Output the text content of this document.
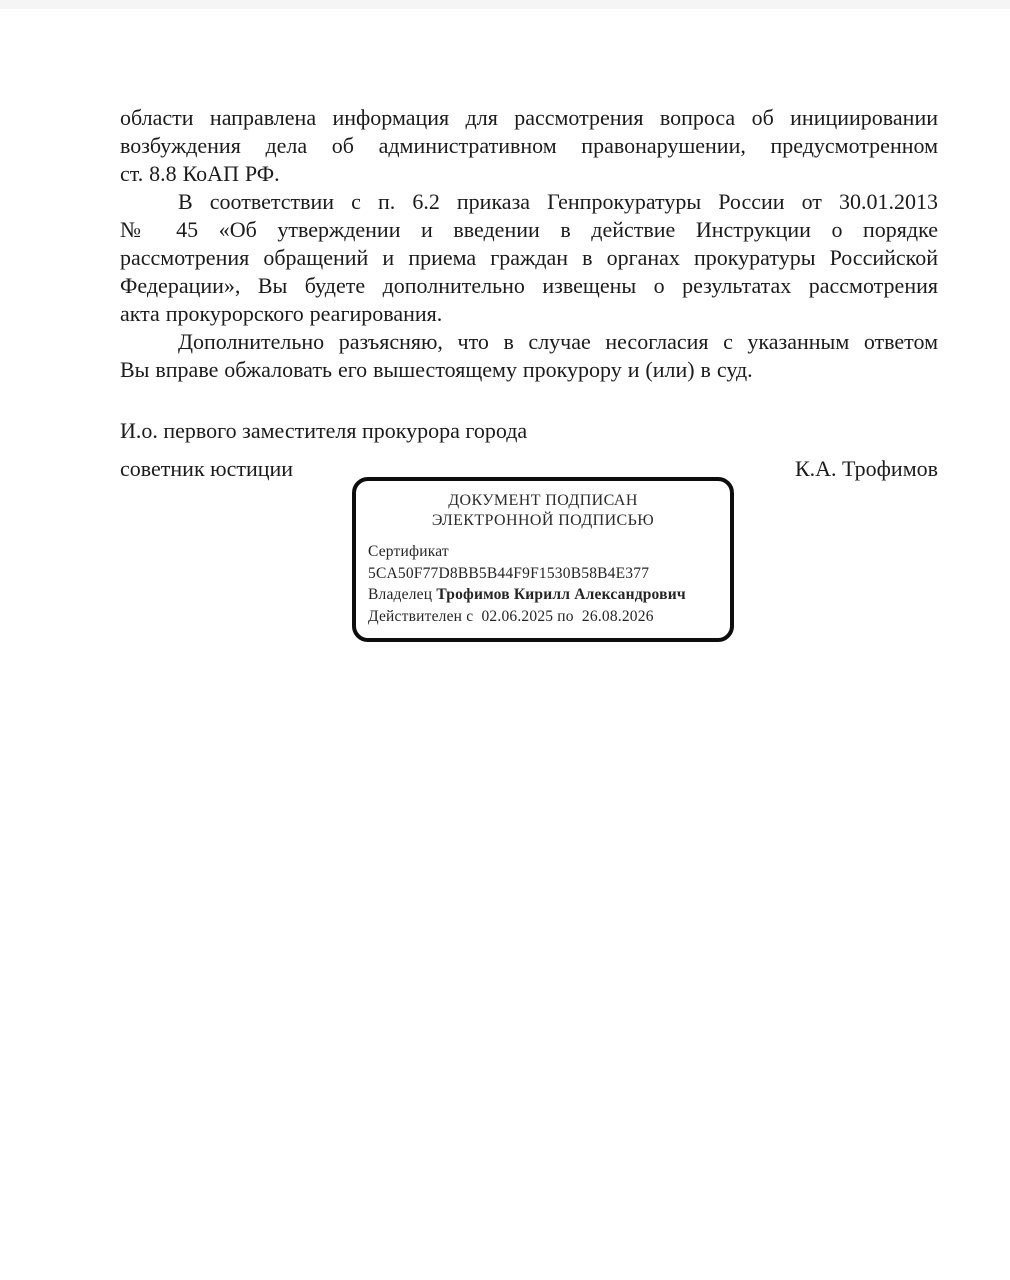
области направлена информация для рассмотрения вопроса об инициировании
возбуждения дела об административном правонарушении, предусмотренном
ст. 8.8 КоАП РФ.
В соответствии с п. 6.2 приказа Генпрокуратуры России от 30.01.2013
№ 45 «Об утверждении и введении в действие Инструкции о порядке
рассмотрения обращений и приема граждан в органах прокуратуры Российской
Федерации», Вы будете дополнительно извещены о результатах рассмотрения
акта прокурорского реагирования.
Дополнительно разъясняю, что в случае несогласия с указанным ответом
Вы вправе обжаловать его вышестоящему прокурору и (или) в суд.
И.о. первого заместителя прокурора города
советник юстиции	К.А. Трофимов
ДОКУМЕНТ ПОДПИСАН
ЭЛЕКТРОННОЙ ПОДПИСЬЮ
Сертификат 5CA50F77D8BB5B44F9F1530B58B4E377
Владелец Трофимов Кирилл Александрович
Действителен с  02.06.2025 по  26.08.2026
